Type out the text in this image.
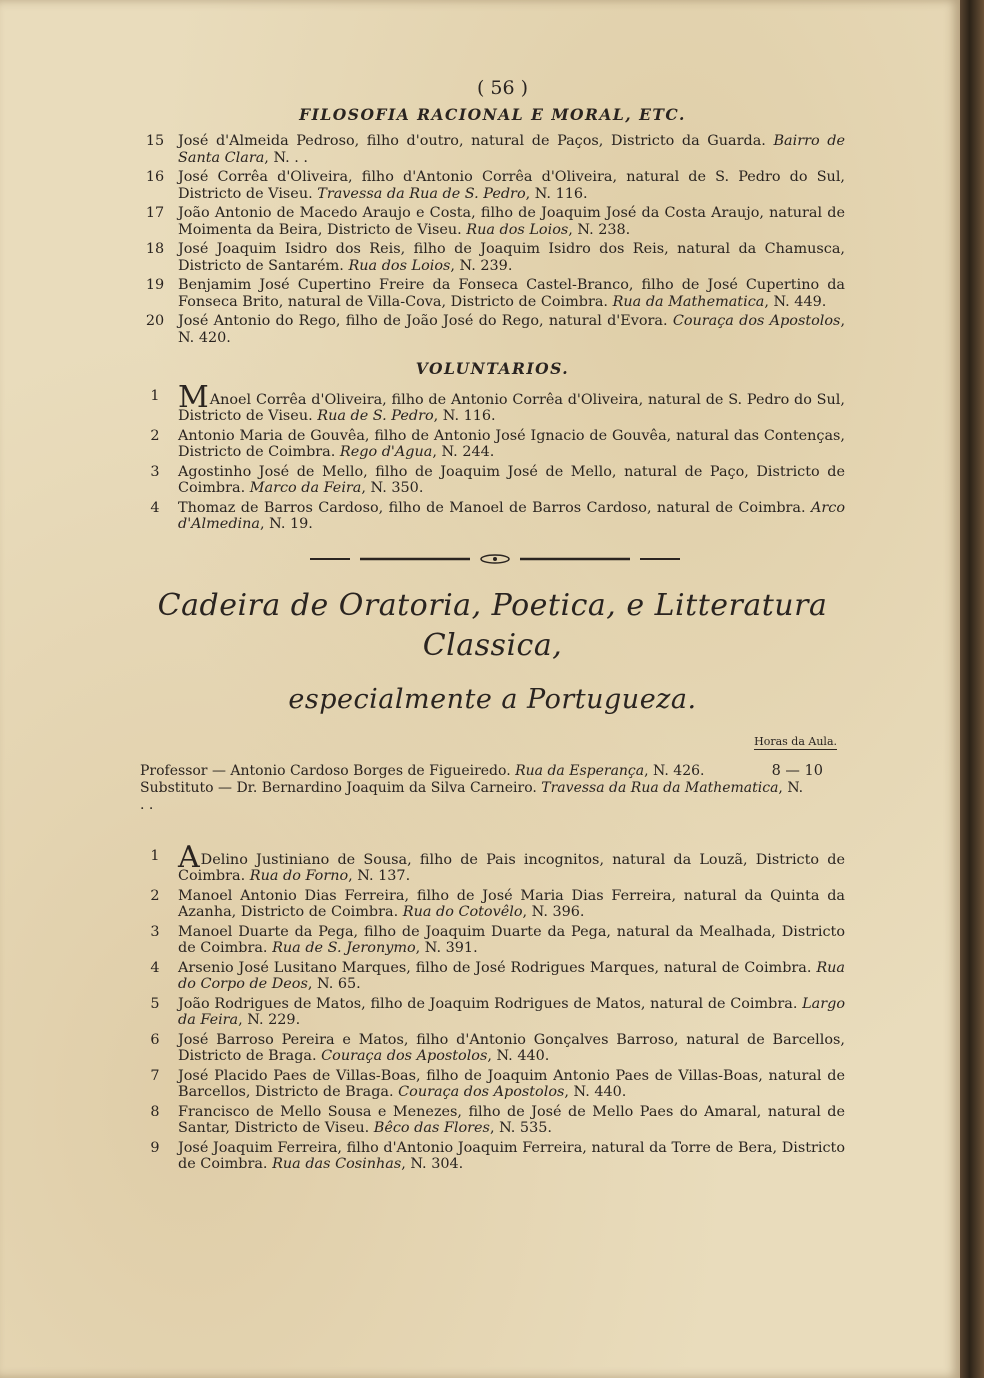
( 56 )
FILOSOFIA RACIONAL E MORAL, ETC.
15 José d'Almeida Pedroso, filho d'outro, natural de Paços, Districto da Guarda. Bairro de Santa Clara, N. . .
16 José Corrêa d'Oliveira, filho d'Antonio Corrêa d'Oliveira, natural de S. Pedro do Sul, Districto de Viseu. Travessa da Rua de S. Pedro, N. 116.
17 João Antonio de Macedo Araujo e Costa, filho de Joaquim José da Costa Araujo, natural de Moimenta da Beira, Districto de Viseu. Rua dos Loios, N. 238.
18 José Joaquim Isidro dos Reis, filho de Joaquim Isidro dos Reis, natural da Chamusca, Districto de Santarém. Rua dos Loios, N. 239.
19 Benjamim José Cupertino Freire da Fonseca Castel-Branco, filho de José Cupertino da Fonseca Brito, natural de Villa-Cova, Districto de Coimbra. Rua da Mathematica, N. 449.
20 José Antonio do Rego, filho de João José do Rego, natural d'Evora. Couraça dos Apostolos, N. 420.
VOLUNTARIOS.
1 MAnoel Corrêa d'Oliveira, filho de Antonio Corrêa d'Oliveira, natural de S. Pedro do Sul, Districto de Viseu. Rua de S. Pedro, N. 116.
2	Antonio Maria de Gouvêa, filho de Antonio José Ignacio de Gouvêa, natural das Contenças, Districto de Coimbra. Rego d'Agua, N. 244.
3	Agostinho José de Mello, filho de Joaquim José de Mello, natural de Paço, Districto de Coimbra. Marco da Feira, N. 350.
4	Thomaz de Barros Cardoso, filho de Manoel de Barros Cardoso, natural de Coimbra. Arco d'Almedina, N. 19.
Cadeira de Oratoria, Poetica, e Litteratura Classica,
especialmente a Portugueza.
Horas da Aula.
Professor — Antonio Cardoso Borges de Figueiredo. Rua da Esperança, N. 426.	8 — 10
Substituto — Dr. Bernardino Joaquim da Silva Carneiro. Travessa da Rua da Mathematica, N. . .
1 ADelino Justiniano de Sousa, filho de Pais incognitos, natural da Louzã, Districto de Coimbra. Rua do Forno, N. 137.
2	Manoel Antonio Dias Ferreira, filho de José Maria Dias Ferreira, natural da Quinta da Azanha, Districto de Coimbra. Rua do Cotovêlo, N. 396.
3	Manoel Duarte da Pega, filho de Joaquim Duarte da Pega, natural da Mealhada, Districto de Coimbra. Rua de S. Jeronymo, N. 391.
4	Arsenio José Lusitano Marques, filho de José Rodrigues Marques, natural de Coimbra. Rua do Corpo de Deos, N. 65.
5	João Rodrigues de Matos, filho de Joaquim Rodrigues de Matos, natural de Coimbra. Largo da Feira, N. 229.
6	José Barroso Pereira e Matos, filho d'Antonio Gonçalves Barroso, natural de Barcellos, Districto de Braga. Couraça dos Apostolos, N. 440.
7	José Placido Paes de Villas-Boas, filho de Joaquim Antonio Paes de Villas-Boas, natural de Barcellos, Districto de Braga. Couraça dos Apostolos, N. 440.
8	Francisco de Mello Sousa e Menezes, filho de José de Mello Paes do Amaral, natural de Santar, Districto de Viseu. Bêco das Flores, N. 535.
9	José Joaquim Ferreira, filho d'Antonio Joaquim Ferreira, natural da Torre de Bera, Districto de Coimbra. Rua das Cosinhas, N. 304.
